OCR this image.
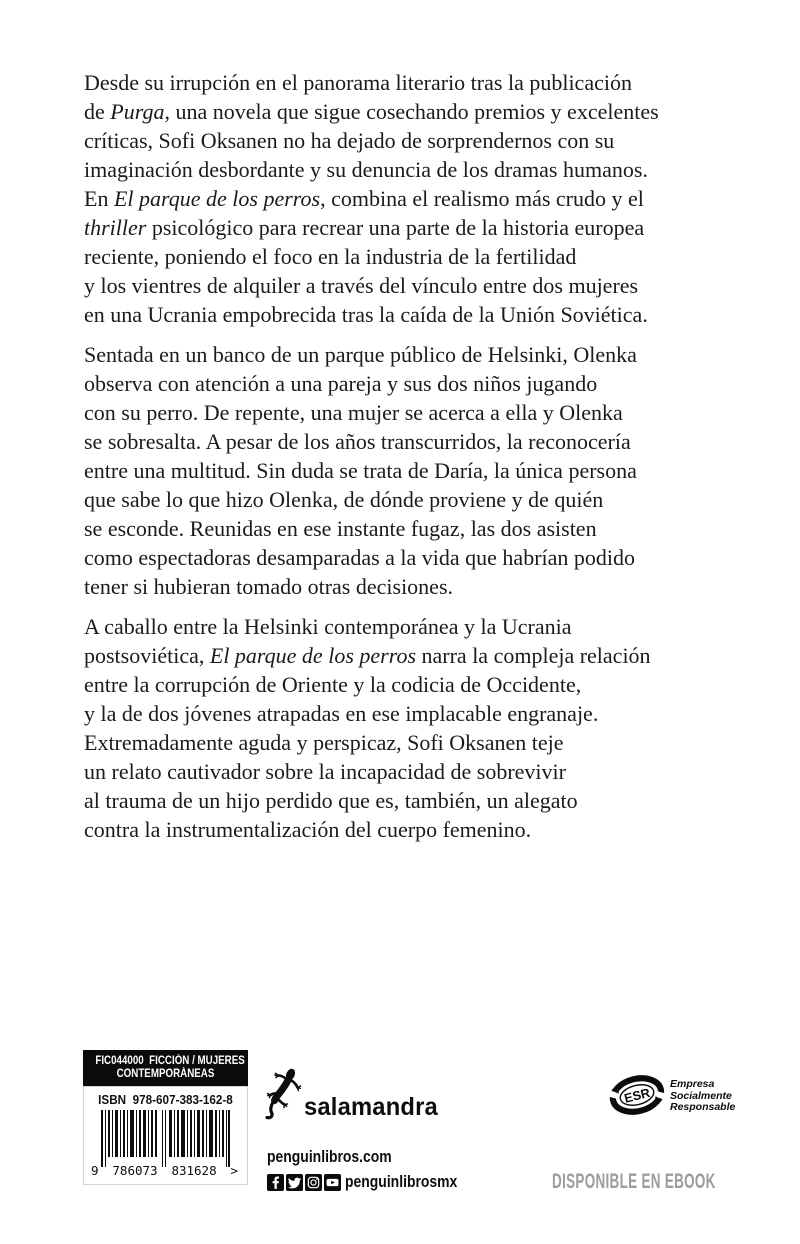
Desde su irrupción en el panorama literario tras la publicación
de Purga, una novela que sigue cosechando premios y excelentes
críticas, Sofi Oksanen no ha dejado de sorprendernos con su
imaginación desbordante y su denuncia de los dramas humanos.
En El parque de los perros, combina el realismo más crudo y el
thriller psicológico para recrear una parte de la historia europea
reciente, poniendo el foco en la industria de la fertilidad
y los vientres de alquiler a través del vínculo entre dos mujeres
en una Ucrania empobrecida tras la caída de la Unión Soviética.
Sentada en un banco de un parque público de Helsinki, Olenka
observa con atención a una pareja y sus dos niños jugando
con su perro. De repente, una mujer se acerca a ella y Olenka
se sobresalta. A pesar de los años transcurridos, la reconocería
entre una multitud. Sin duda se trata de Daría, la única persona
que sabe lo que hizo Olenka, de dónde proviene y de quién
se esconde. Reunidas en ese instante fugaz, las dos asisten
como espectadoras desamparadas a la vida que habrían podido
tener si hubieran tomado otras decisiones.
A caballo entre la Helsinki contemporánea y la Ucrania
postsoviética, El parque de los perros narra la compleja relación
entre la corrupción de Oriente y la codicia de Occidente,
y la de dos jóvenes atrapadas en ese implacable engranaje.
Extremadamente aguda y perspicaz, Sofi Oksanen teje
un relato cautivador sobre la incapacidad de sobrevivir
al trauma de un hijo perdido que es, también, un alegato
contra la instrumentalización del cuerpo femenino.
FIC044000  FICCIÓN / MUJERES
CONTEMPORÁNEAS
ISBN  978-607-383-162-8
9 786073 831628 >
salamandra
penguinlibros.com
penguinlibrosmx
ESR
Empresa
Socialmente
Responsable
DISPONIBLE EN EBOOK
